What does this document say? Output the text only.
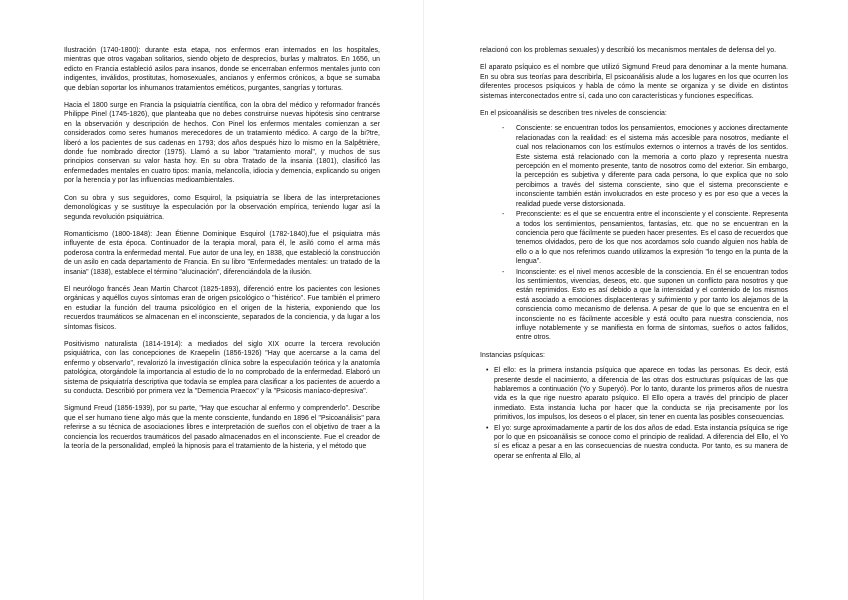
Ilustración (1740-1800): durante esta etapa, nos enfermos eran internados en los hospitales, mientras que otros vagaban solitarios, siendo objeto de desprecios, burlas y maltratos. En 1656, un edicto en Francia estableció asilos para insanos, donde se encerraban enfermos mentales junto con indigentes, inválidos, prostitutas, homosexuales, ancianos y enfermos crónicos, a bque se sumaba que debían soportar los inhumanos tratamientos eméticos, purgantes, sangrías y torturas.

Hacia el 1800 surge en Francia la psiquiatría científica, con la obra del médico y reformador francés Philippe Pinel (1745-1826), que planteaba que no debes construirse nuevas hipótesis sino centrarse en la observación y descripción de hechos. Con Pinel los enfermos mentales comienzan a ser considerados como seres humanos merecedores de un tratamiento médico. A cargo de la bi?tre, liberó a los pacientes de sus cadenas en 1793; dos años después hizo lo mismo en la Salpêtrière, donde fue nombrado director (1975). Llamó a su labor "tratamiento moral", y muchos de sus principios conservan su valor hasta hoy. En su obra Tratado de la insania (1801), clasificó las enfermedades mentales en cuatro tipos: manía, melancolía, idiocia y demencia, explicando su origen por la herencia y por las influencias medioambientales.

Con su obra y sus seguidores, como Esquirol, la psiquiatría se libera de las interpretaciones demonológicas y se sustituye la especulación por la observación empírica, teniendo lugar así la segunda revolución psiquiátrica.

Romanticismo (1800-1848): Jean Étienne Dominique Esquirol (1782-1840),fue el psiquiatra más influyente de esta época. Continuador de la terapia moral, para él, le asiló como el arma más poderosa contra la enfermedad mental. Fue autor de una ley, en 1838, que estableció la construcción de un asilo en cada departamento de Francia. En su libro "Enfermedades mentales: un tratado de la insania" (1838), establece el término "alucinación", diferenciándola de la ilusión.

El neurólogo francés Jean Martin Charcot (1825-1893), diferenció entre los pacientes con lesiones orgánicas y aquéllos cuyos síntomas eran de origen psicológico o "histérico". Fue también el primero en estudiar la función del trauma psicológico en el origen de la histeria, exponiendo que los recuerdos traumáticos se almacenan en el inconsciente, separados de la conciencia, y da lugar a los síntomas físicos.

Positivismo naturalista (1814-1914): a mediados del siglo XIX ocurre la tercera revolución psiquiátrica, con las concepciones de Kraepelin (1856-1926) "Hay que acercarse a la cama del enfermo y observarlo", revalorizó la investigación clínica sobre la especulación teórica y la anatomía patológica, otorgándole la importancia al estudio de lo no comprobado de la enfermedad. Elaboró un sistema de psiquiatría descriptiva que todavía se emplea para clasificar a los pacientes de acuerdo a su conducta. Describió por primera vez la "Demencia Praecox" y la "Psicosis maníaco-depresiva".

Sigmund Freud (1856-1939), por su parte, "Hay que escuchar al enfermo y comprenderlo". Describe que el ser humano tiene algo más que la mente consciente, fundando en 1896 el "Psicoanálisis" para referirse a su técnica de asociaciones libres e interpretación de sueños con el objetivo de traer a la conciencia los recuerdos traumáticos del pasado almacenados en el inconsciente. Fue el creador de la teoría de la personalidad, empleó la hipnosis para el tratamiento de la histeria, y el método que

relacionó con los problemas sexuales) y describió los mecanismos mentales de defensa del yo.

El aparato psíquico es el nombre que utilizó Sigmund Freud para denominar a la mente humana. En su obra sus teorías para describirla, El psicoanálisis alude a los lugares en los que ocurren los diferentes procesos psíquicos y habla de cómo la mente se organiza y se divide en distintos sistemas interconectados entre sí, cada uno con características y funciones específicas.

En el psicoanálisis se describen tres niveles de consciencia:

- Consciente: se encuentran todos los pensamientos, emociones y acciones directamente relacionadas con la realidad: es el sistema más accesible para nosotros, mediante el cual nos relacionamos con los estímulos externos o internos a través de los sentidos. Este sistema está relacionado con la memoria a corto plazo y representa nuestra percepción en el momento presente, tanto de nosotros como del exterior. Sin embargo, la percepción es subjetiva y diferente para cada persona, lo que explica que no solo percibimos a través del sistema consciente, sino que el sistema preconsciente e inconsciente también están involucrados en este proceso y es por eso que a veces la realidad puede verse distorsionada.
- Preconsciente: es el que se encuentra entre el inconsciente y el consciente. Representa a todos los sentimientos, pensamientos, fantasías, etc. que no se encuentran en la conciencia pero que fácilmente se pueden hacer presentes. Es el caso de recuerdos que tenemos olvidados, pero de los que nos acordamos solo cuando alguien nos habla de ello o a lo que nos referimos cuando utilizamos la expresión "lo tengo en la punta de la lengua".
- Inconsciente: es el nivel menos accesible de la consciencia. En él se encuentran todos los sentimientos, vivencias, deseos, etc. que suponen un conflicto para nosotros y que están reprimidos. Esto es así debido a que la intensidad y el contenido de los mismos está asociado a emociones displacenteras y sufrimiento y por tanto los alejamos de la consciencia como mecanismo de defensa. A pesar de que lo que se encuentra en el inconsciente no es fácilmente accesible y está oculto para nuestra consciencia, nos influye notablemente y se manifiesta en forma de síntomas, sueños o actos fallidos, entre otros.

Instancias psíquicas:

• El ello: es la primera instancia psíquica que aparece en todas las personas. Es decir, está presente desde el nacimiento, a diferencia de las otras dos estructuras psíquicas de las que hablaremos a continuación (Yo y Superyó). Por lo tanto, durante los primeros años de nuestra vida es la que rige nuestro aparato psíquico. El Ello opera a través del principio de placer inmediato. Esta instancia lucha por hacer que la conducta se rija precisamente por los primitivos, los impulsos, los deseos o el placer, sin tener en cuenta las posibles consecuencias.
• El yo: surge aproximadamente a partir de los dos años de edad. Esta instancia psíquica se rige por lo que en psicoanálisis se conoce como el principio de realidad. A diferencia del Ello, el Yo sí es eficaz a pesar a en las consecuencias de nuestra conducta. Por tanto, es su manera de operar se enfrenta al Ello, al
